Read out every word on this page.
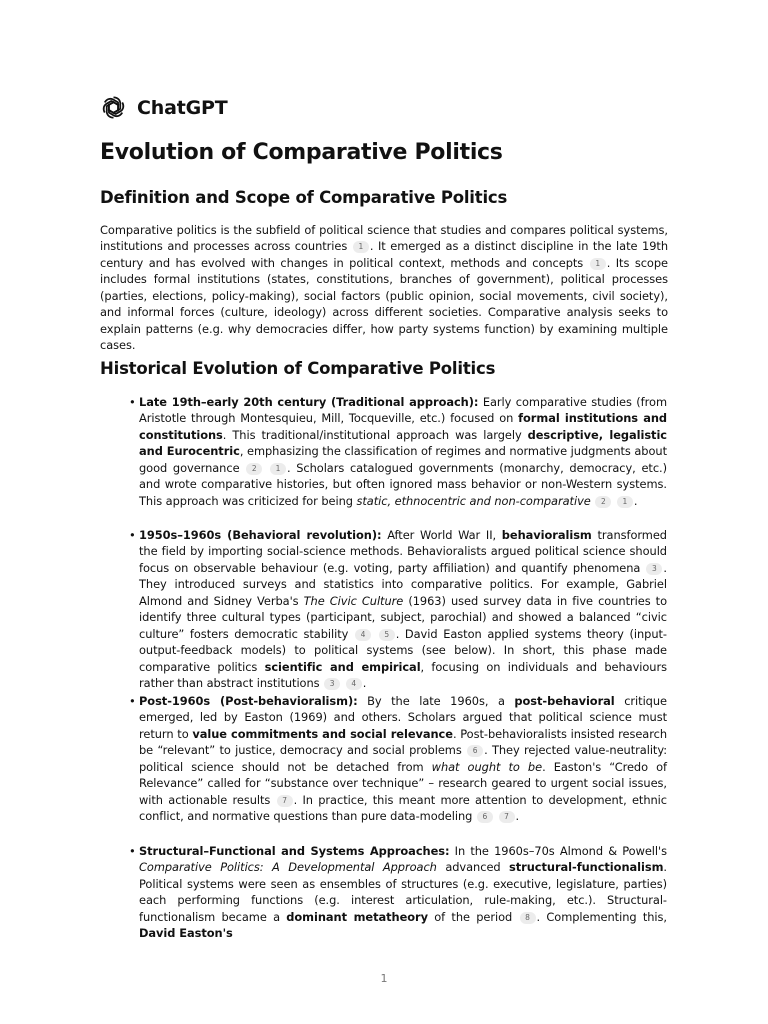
ChatGPT
Evolution of Comparative Politics
Definition and Scope of Comparative Politics

Comparative politics is the subfield of political science that studies and compares political systems, institutions and processes across countries 1 . It emerged as a distinct discipline in the late 19th century and has evolved with changes in political context, methods and concepts 1 . Its scope includes formal institutions (states, constitutions, branches of government), political processes (parties, elections, policy-making), social factors (public opinion, social movements, civil society), and informal forces (culture, ideology) across different societies. Comparative analysis seeks to explain patterns (e.g. why democracies differ, how party systems function) by examining multiple cases.

Historical Evolution of Comparative Politics

• Late 19th–early 20th century (Traditional approach): Early comparative studies (from Aristotle through Montesquieu, Mill, Tocqueville, etc.) focused on formal institutions and constitutions. This traditional/institutional approach was largely descriptive, legalistic and Eurocentric, emphasizing the classification of regimes and normative judgments about good governance 2	1 . Scholars catalogued governments (monarchy, democracy, etc.) and wrote comparative histories, but often ignored mass behavior or non-Western systems. This approach was criticized for being static, ethnocentric and non-comparative 2 1 .

• 1950s–1960s (Behavioral revolution): After World War II, behavioralism transformed the field by importing social-science methods. Behavioralists argued political science should focus on observable behaviour (e.g. voting, party affiliation) and quantify phenomena 3 . They introduced surveys and statistics into comparative politics. For example, Gabriel Almond and Sidney Verba's The Civic Culture (1963) used survey data in five countries to identify three cultural types (participant, subject, parochial) and showed a balanced “civic culture” fosters democratic stability 4	5 . David Easton applied systems theory (input-output-feedback models) to political systems (see below). In short, this phase made comparative politics scientific and empirical, focusing on individuals and behaviours rather than abstract institutions 3 4 .

• Post-1960s (Post-behavioralism): By the late 1960s, a post-behavioral critique emerged, led by Easton (1969) and others. Scholars argued that political science must return to value commitments and social relevance. Post-behavioralists insisted research be “relevant” to justice, democracy and social problems 6 . They rejected value-neutrality: political science should not be detached from what ought to be. Easton's “Credo of Relevance” called for “substance over technique” – research geared to urgent social issues, with actionable results 7 . In practice, this meant more attention to development, ethnic conflict, and normative questions than pure data-modeling 6 7 .

• Structural–Functional and Systems Approaches: In the 1960s–70s Almond & Powell's Comparative Politics: A Developmental Approach advanced structural-functionalism. Political systems were seen as ensembles of structures (e.g. executive, legislature, parties) each performing functions (e.g. interest articulation, rule-making, etc.). Structural-functionalism became a dominant metatheory of the period 8 . Complementing this, David Easton's

1
